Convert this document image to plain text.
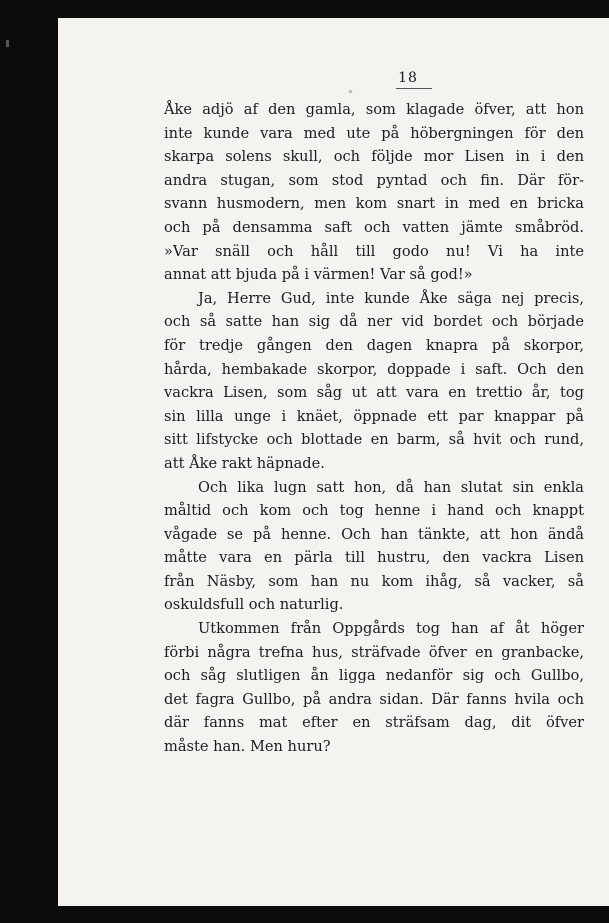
18
Åke adjö af den gamla, som klagade öfver, att hon
inte kunde vara med ute på höbergningen för den
skarpa solens skull, och följde mor Lisen in i den
andra stugan, som stod pyntad och fin. Där för-
svann husmodern, men kom snart in med en bricka
och på densamma saft och vatten jämte småbröd.
»Var snäll och håll till godo nu! Vi ha inte
annat att bjuda på i värmen! Var så god!»
Ja, Herre Gud, inte kunde Åke säga nej precis,
och så satte han sig då ner vid bordet och började
för tredje gången den dagen knapra på skorpor,
hårda, hembakade skorpor, doppade i saft. Och den
vackra Lisen, som såg ut att vara en trettio år, tog
sin lilla unge i knäet, öppnade ett par knappar på
sitt lifstycke och blottade en barm, så hvit och rund,
att Åke rakt häpnade.
Och lika lugn satt hon, då han slutat sin enkla
måltid och kom och tog henne i hand och knappt
vågade se på henne. Och han tänkte, att hon ändå
måtte vara en pärla till hustru, den vackra Lisen
från Näsby, som han nu kom ihåg, så vacker, så
oskuldsfull och naturlig.
Utkommen från Oppgårds tog han af åt höger
förbi några trefna hus, sträfvade öfver en granbacke,
och såg slutligen ån ligga nedanför sig och Gullbo,
det fagra Gullbo, på andra sidan. Där fanns hvila och
där fanns mat efter en sträfsam dag, dit öfver
måste han. Men huru?
